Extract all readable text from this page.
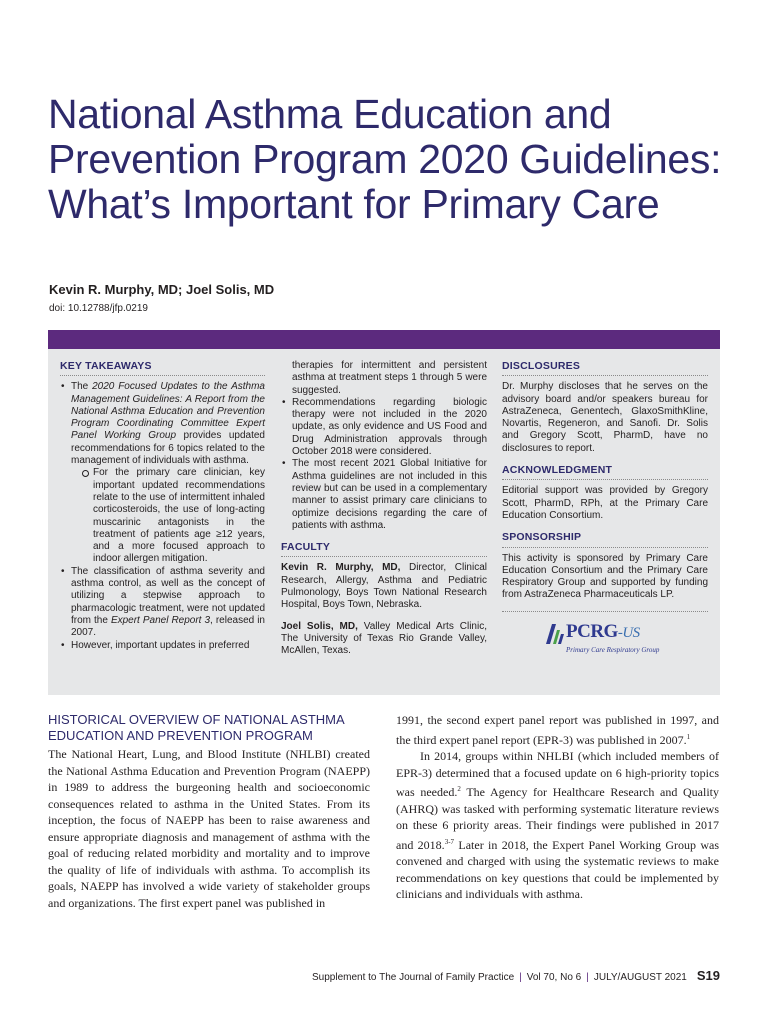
National Asthma Education and Prevention Program 2020 Guidelines: What’s Important for Primary Care
Kevin R. Murphy, MD; Joel Solis, MD
doi: 10.12788/jfp.0219
KEY TAKEAWAYS
• The 2020 Focused Updates to the Asthma Management Guidelines: A Report from the National Asthma Education and Prevention Program Coordinating Committee Expert Panel Working Group provides updated recommendations for 6 topics related to the management of individuals with asthma.
For the primary care clinician, key important updated recommendations relate to the use of intermittent inhaled corticosteroids, the use of long-acting muscarinic antagonists in the treatment of patients age ≥12 years, and a more focused approach to indoor allergen mitigation.
• The classification of asthma severity and asthma control, as well as the concept of utilizing a stepwise approach to pharmacologic treatment, were not updated from the Expert Panel Report 3, released in 2007.
• However, important updates in preferred

therapies for intermittent and persistent asthma at treatment steps 1 through 5 were suggested.

• Recommendations regarding biologic therapy were not included in the 2020 update, as only evidence and US Food and Drug Administration approvals through October 2018 were considered.
• The most recent 2021 Global Initiative for Asthma guidelines are not included in this review but can be used in a complementary manner to assist primary care clinicians to optimize decisions regarding the care of patients with asthma.
FACULTY

Kevin R. Murphy, MD, Director, Clinical Research, Allergy, Asthma and Pediatric Pulmonology, Boys Town National Research Hospital, Boys Town, Nebraska.

Joel Solis, MD, Valley Medical Arts Clinic, The University of Texas Rio Grande Valley, McAllen, Texas.

DISCLOSURES

Dr. Murphy discloses that he serves on the advisory board and/or speakers bureau for AstraZeneca, Genentech, GlaxoSmithKline, Novartis, Regeneron, and Sanofi. Dr. Solis and Gregory Scott, PharmD, have no disclosures to report.

ACKNOWLEDGMENT

Editorial support was provided by Gregory Scott, PharmD, RPh, at the Primary Care Education Consortium.

SPONSORSHIP

This activity is sponsored by Primary Care Education Consortium and the Primary Care Respiratory Group and supported by funding from AstraZeneca Pharmaceuticals LP.

PCRG-US
Primary Care Respiratory Group
HISTORICAL OVERVIEW OF NATIONAL ASTHMA EDUCATION AND PREVENTION PROGRAM

The National Heart, Lung, and Blood Institute (NHLBI) created the National Asthma Education and Prevention Program (NAEPP) in 1989 to address the burgeoning health and socioeconomic consequences related to asthma in the United States. From its inception, the focus of NAEPP has been to raise awareness and ensure appropriate diagnosis and management of asthma with the goal of reducing related morbidity and mortality and to improve the quality of life of individuals with asthma. To accomplish its goals, NAEPP has involved a wide variety of stakeholder groups and organizations. The first expert panel was published in

1991, the second expert panel report was published in 1997, and the third expert panel report (EPR-3) was published in 2007.$^1$

In 2014, groups within NHLBI (which included members of EPR-3) determined that a focused update on 6 high-priority topics was needed.$^2$ The Agency for Healthcare Research and Quality (AHRQ) was tasked with performing systematic literature reviews on these 6 priority areas. Their findings were published in 2017 and 2018.$^{3-7}$ Later in 2018, the Expert Panel Working Group was convened and charged with using the systematic reviews to make recommendations on key questions that could be implemented by clinicians and individuals with asthma.

Supplement to The Journal of Family Practice | Vol 70, No 6 | JULY/AUGUST 2021 S19
